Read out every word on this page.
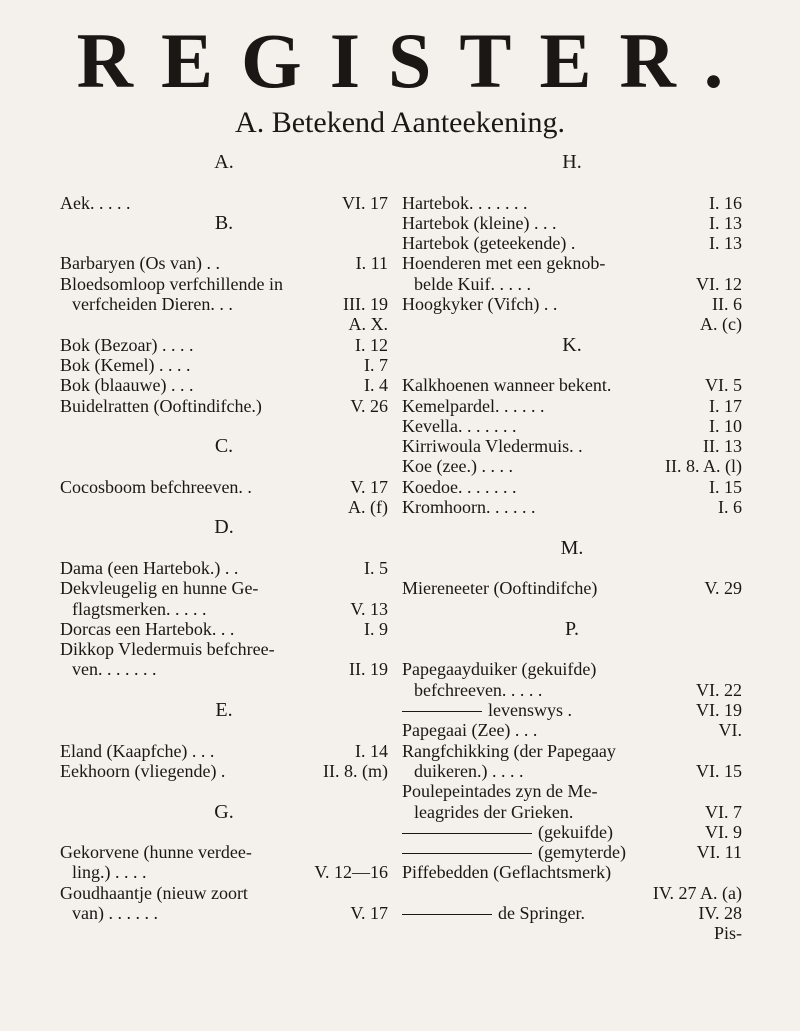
REGISTER.
A. Betekend Aanteekening.
A.
Aek. . . . .	VI. 17
B.
Barbaryen (Os van) . .	I. 11
Bloedsomloop verfchillende in
verfcheiden Dieren. . .	III. 19
A. X.
Bok (Bezoar) . . . .	I. 12
Bok (Kemel) . . . .	I. 7
Bok (blaauwe) . . .	I. 4
Buidelratten (Ooftindifche.)	V. 26
C.
Cocosboom befchreeven. .	V. 17
A. (f)
D.
Dama (een Hartebok.) . .	I. 5
Dekvleugelig en hunne Ge-
flagtsmerken. . . . .	V. 13
Dorcas een Hartebok. . .	I. 9
Dikkop Vledermuis befchree-
ven. . . . . . .	II. 19
E.
Eland (Kaapfche) . . .	I. 14
Eekhoorn (vliegende) .	II. 8. (m)
G.
Gekorvene (hunne verdee-
ling.) . . . .	V. 12—16
Goudhaantje (nieuw zoort
van) . . . . . .	V. 17
H.
Hartebok. . . . . . .	I. 16
Hartebok (kleine) . . .	I. 13
Hartebok (geteekende) .	I. 13
Hoenderen met een geknob-
belde Kuif. . . . .	VI. 12
Hoogkyker (Vifch) . .	II. 6
A. (c)
K.
Kalkhoenen wanneer bekent.	VI. 5
Kemelpardel. . . . . .	I. 17
Kevella. . . . . . .	I. 10
Kirriwoula Vledermuis. .	II. 13
Koe (zee.) . . . .	II. 8. A. (l)
Koedoe. . . . . . .	I. 15
Kromhoorn. . . . . .	I. 6
M.
Miereneeter (Ooftindifche)	V. 29
P.
Papegaayduiker (gekuifde)
befchreeven. . . . .	VI. 22
levenswys .	VI. 19
Papegaai (Zee) . . .	VI.
Rangfchikking (der Papegaay
duikeren.) . . . .	VI. 15
Poulepeintades zyn de Me-
leagrides der Grieken.	VI. 7
(gekuifde)	VI. 9
(gemyterde)	VI. 11
Piffebedden (Geflachtsmerk)
IV. 27 A. (a)
de Springer.	IV. 28
Pis-
